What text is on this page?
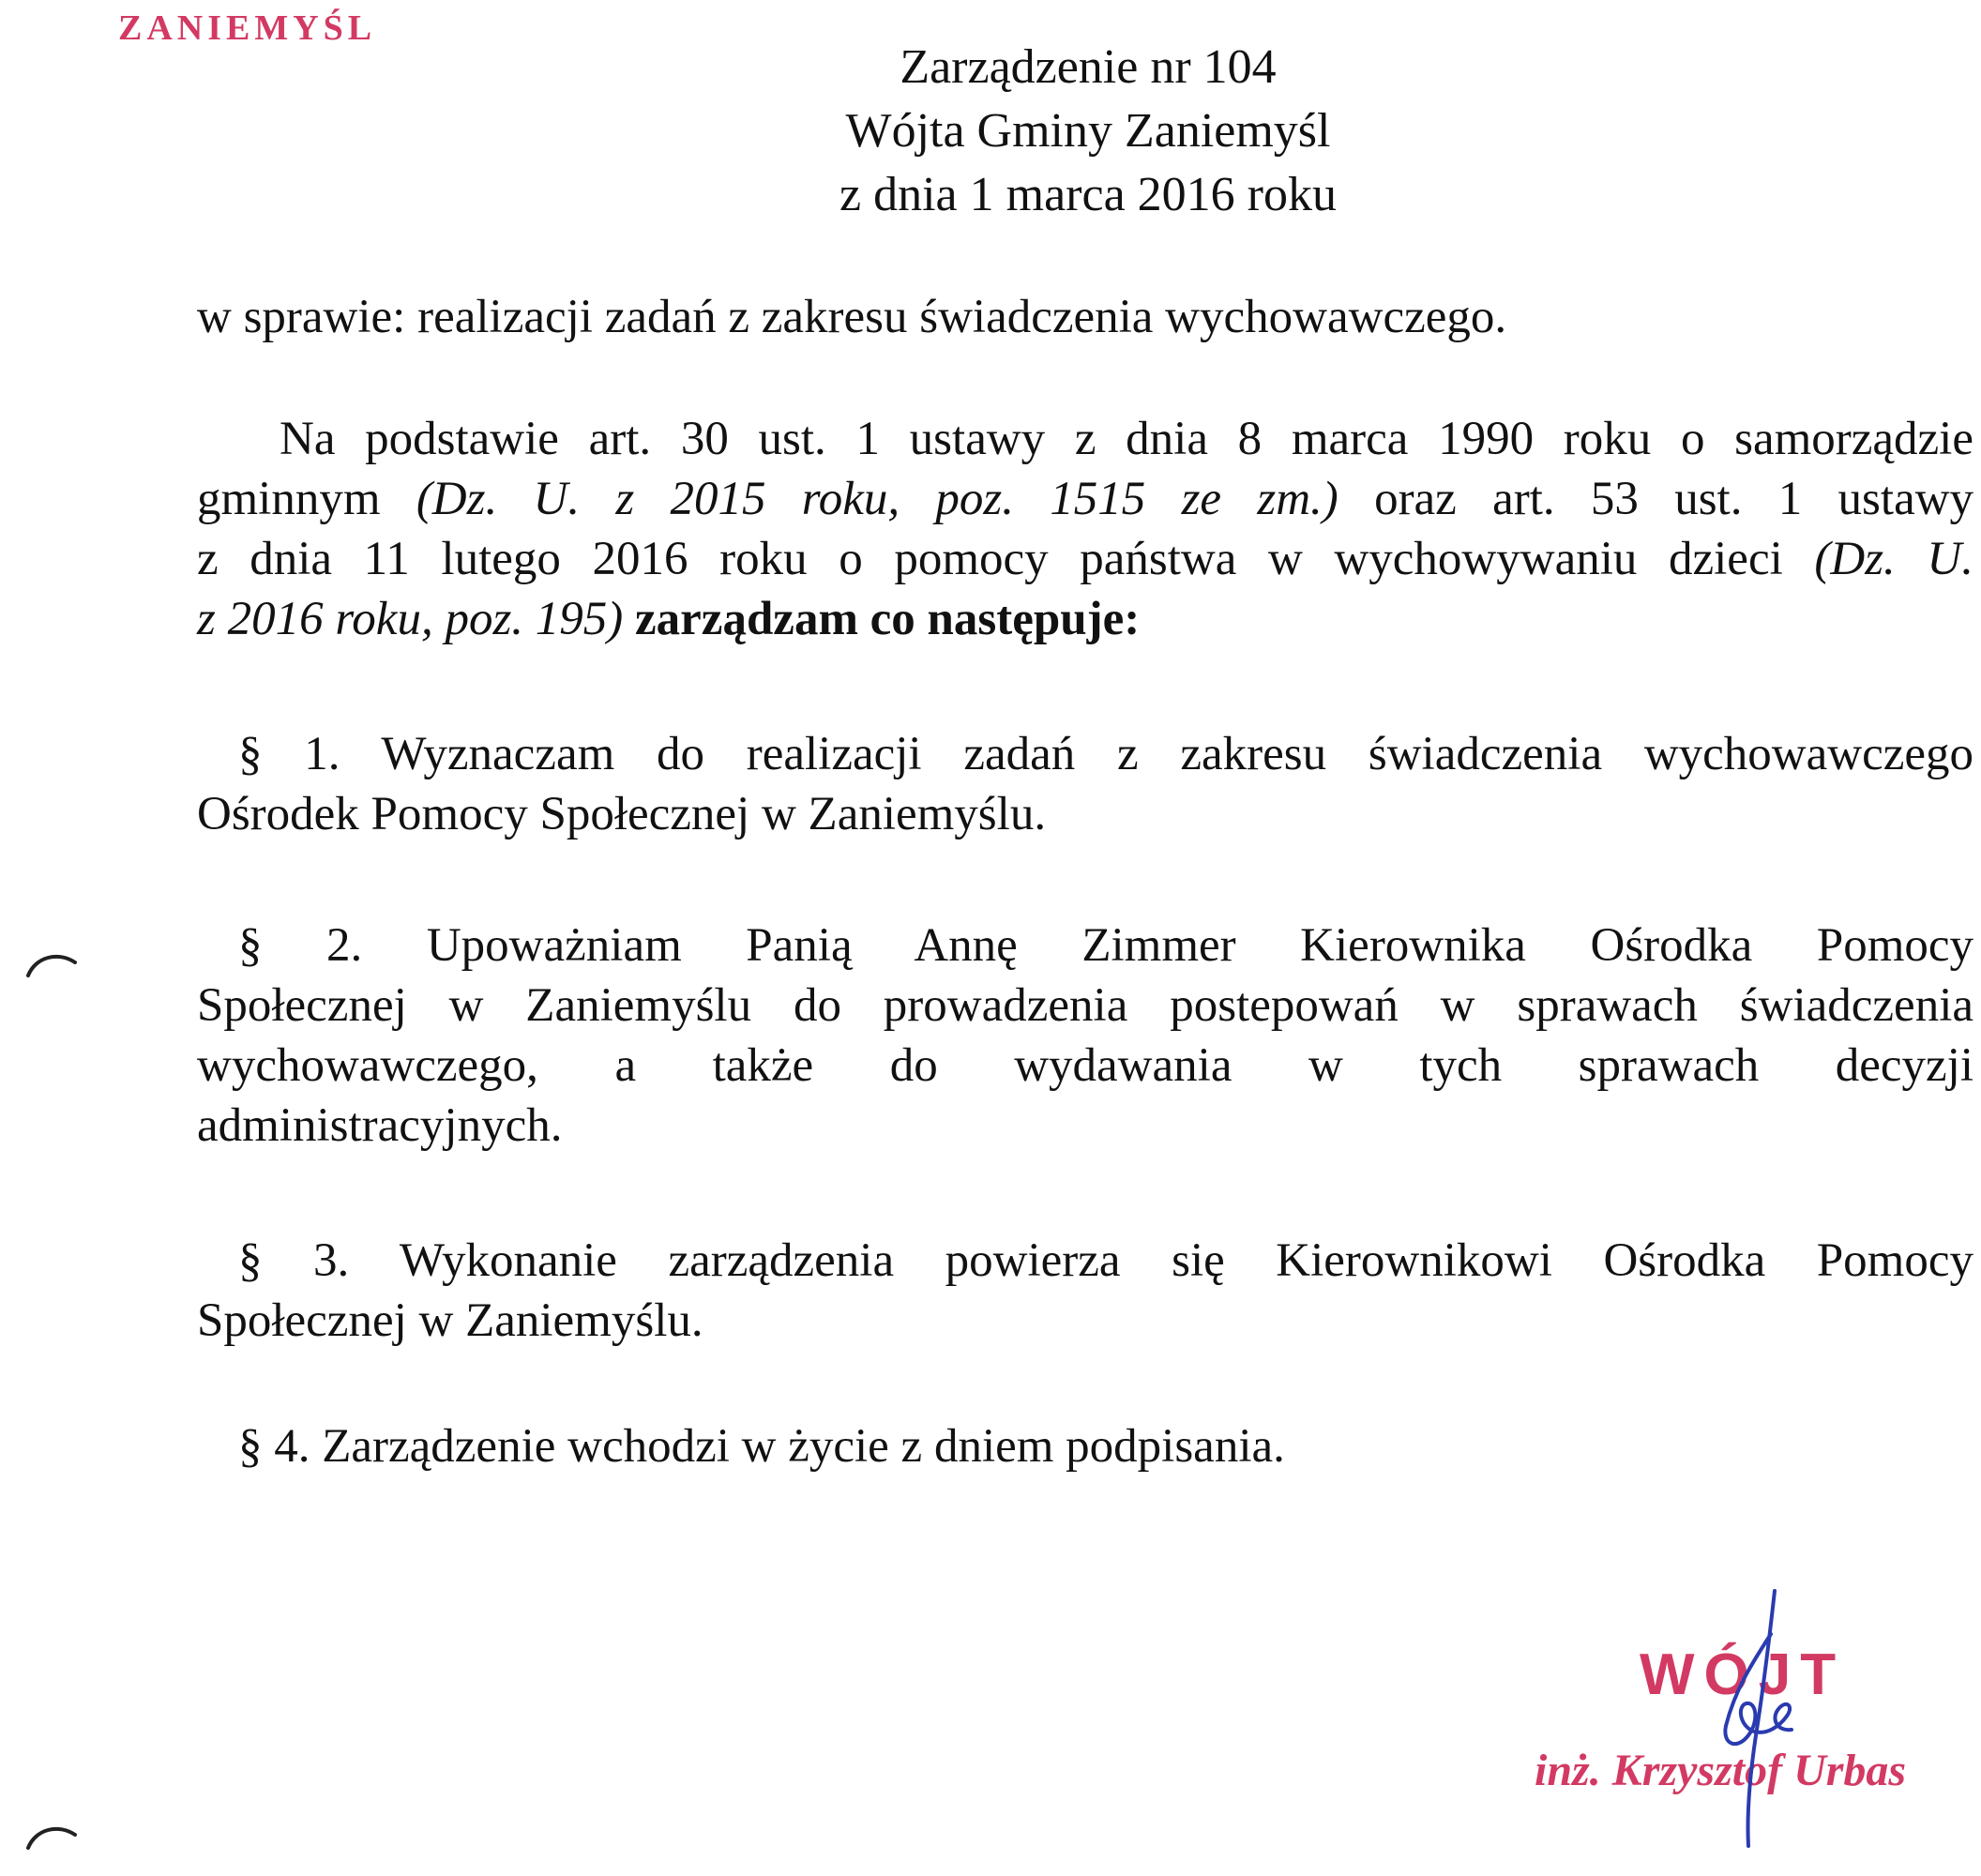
ZANIEMYŚL
Zarządzenie nr 104
Wójta Gminy Zaniemyśl
z dnia 1 marca 2016 roku
w sprawie: realizacji zadań z zakresu świadczenia wychowawczego.
Na podstawie art. 30 ust. 1 ustawy z dnia 8 marca 1990 roku o samorządzie
gminnym (Dz. U. z 2015 roku, poz. 1515 ze zm.) oraz art. 53 ust. 1 ustawy
z dnia 11 lutego 2016 roku o pomocy państwa w wychowywaniu dzieci (Dz. U.
z 2016 roku, poz. 195) zarządzam co następuje:
§ 1. Wyznaczam do realizacji zadań z zakresu świadczenia wychowawczego
Ośrodek Pomocy Społecznej w Zaniemyślu.
§ 2. Upoważniam Panią Annę Zimmer Kierownika Ośrodka Pomocy
Społecznej w Zaniemyślu do prowadzenia postepowań w sprawach świadczenia
wychowawczego, a także do wydawania w tych sprawach decyzji
administracyjnych.
§ 3. Wykonanie zarządzenia powierza się Kierownikowi Ośrodka Pomocy
Społecznej w Zaniemyślu.
§ 4. Zarządzenie wchodzi w życie z dniem podpisania.
WÓJT
inż. Krzysztof Urbas
